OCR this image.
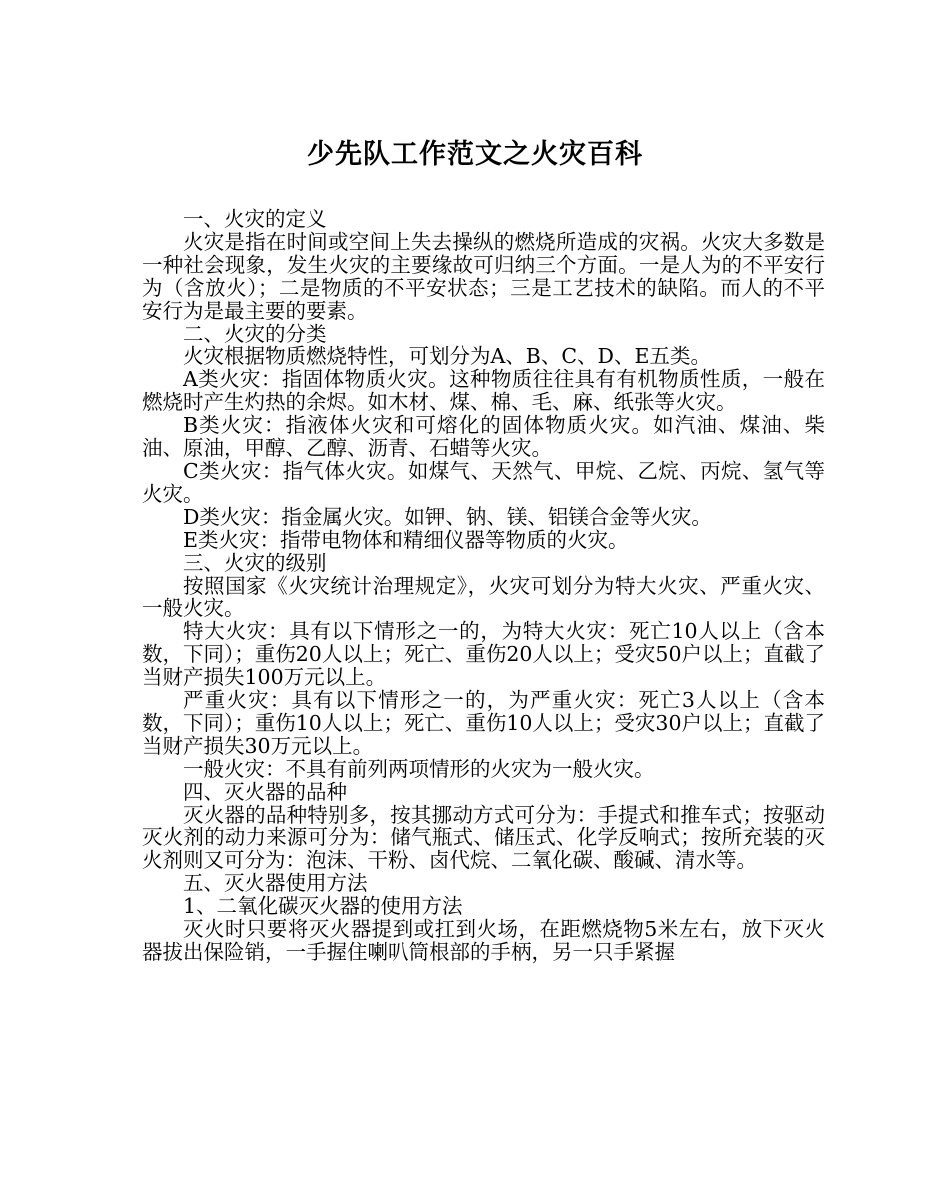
少先队工作范文之火灾百科

一、火灾的定义

火灾是指在时间或空间上失去操纵的燃烧所造成的灾祸。火灾大多数是一种社会现象，发生火灾的主要缘故可归纳三个方面。一是人为的不平安行为（含放火）；二是物质的不平安状态；三是工艺技术的缺陷。而人的不平安行为是最主要的要素。

二、火灾的分类

火灾根据物质燃烧特性，可划分为A、B、C、D、E五类。

A类火灾：指固体物质火灾。这种物质往往具有有机物质性质，一般在燃烧时产生灼热的余烬。如木材、煤、棉、毛、麻、纸张等火灾。

B类火灾：指液体火灾和可熔化的固体物质火灾。如汽油、煤油、柴油、原油，甲醇、乙醇、沥青、石蜡等火灾。

C类火灾：指气体火灾。如煤气、天然气、甲烷、乙烷、丙烷、氢气等火灾。

D类火灾：指金属火灾。如钾、钠、镁、铝镁合金等火灾。

E类火灾：指带电物体和精细仪器等物质的火灾。

三、火灾的级别

按照国家《火灾统计治理规定》，火灾可划分为特大火灾、严重火灾、一般火灾。

特大火灾：具有以下情形之一的，为特大火灾：死亡10人以上（含本数，下同）；重伤20人以上；死亡、重伤20人以上；受灾50户以上；直截了当财产损失100万元以上。

严重火灾：具有以下情形之一的，为严重火灾：死亡3人以上（含本数，下同）；重伤10人以上；死亡、重伤10人以上；受灾30户以上；直截了当财产损失30万元以上。

一般火灾：不具有前列两项情形的火灾为一般火灾。

四、灭火器的品种

灭火器的品种特别多，按其挪动方式可分为：手提式和推车式；按驱动灭火剂的动力来源可分为：储气瓶式、储压式、化学反响式；按所充装的灭火剂则又可分为：泡沫、干粉、卤代烷、二氧化碳、酸碱、清水等。

五、灭火器使用方法

1、二氧化碳灭火器的使用方法

灭火时只要将灭火器提到或扛到火场，在距燃烧物5米左右，放下灭火器拔出保险销，一手握住喇叭筒根部的手柄，另一只手紧握
